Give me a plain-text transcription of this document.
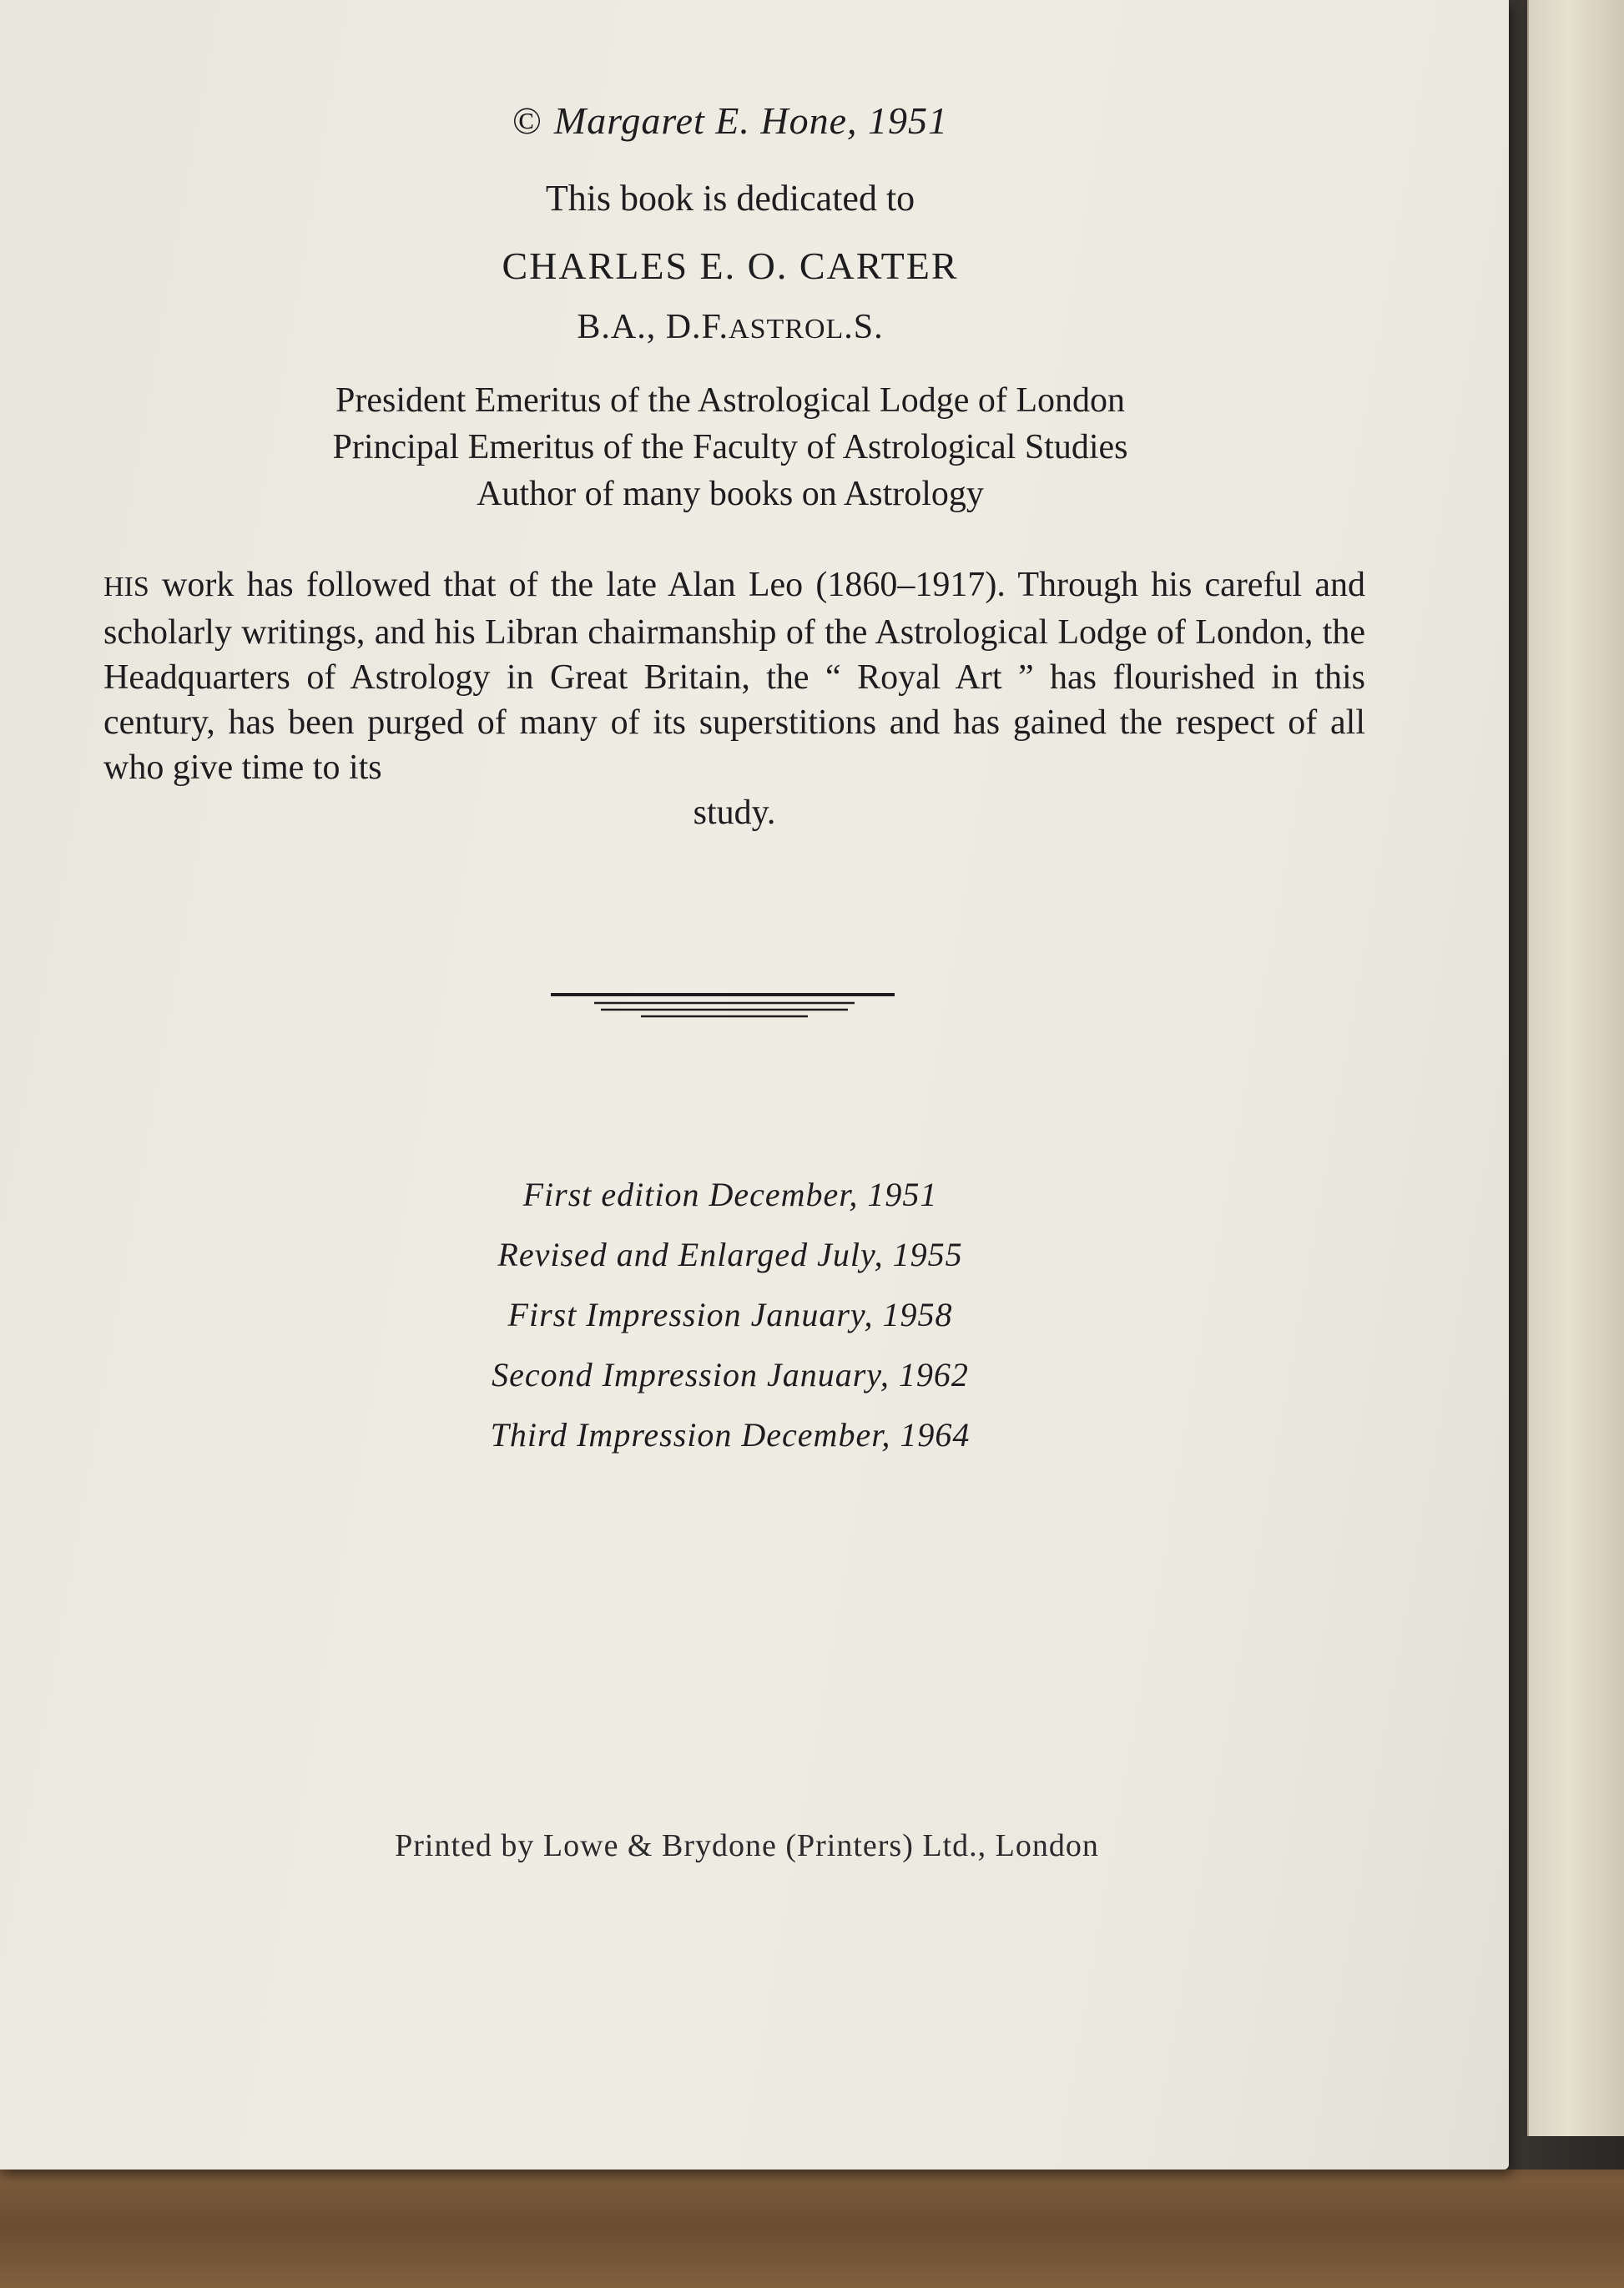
© Margaret E. Hone, 1951
This book is dedicated to
CHARLES E. O. CARTER
B.A., D.F.ASTROL.S.
President Emeritus of the Astrological Lodge of London
Principal Emeritus of the Faculty of Astrological Studies
Author of many books on Astrology
HIS work has followed that of the late Alan Leo (1860–1917). Through his careful and scholarly writings, and his Libran chairmanship of the Astrological Lodge of London, the Headquarters of Astrology in Great Britain, the “ Royal Art ” has flourished in this century, has been purged of many of its superstitions and has gained the respect of all who give time to its
study.
First edition December, 1951
Revised and Enlarged July, 1955
First Impression January, 1958
Second Impression January, 1962
Third Impression December, 1964
Printed by Lowe & Brydone (Printers) Ltd., London
